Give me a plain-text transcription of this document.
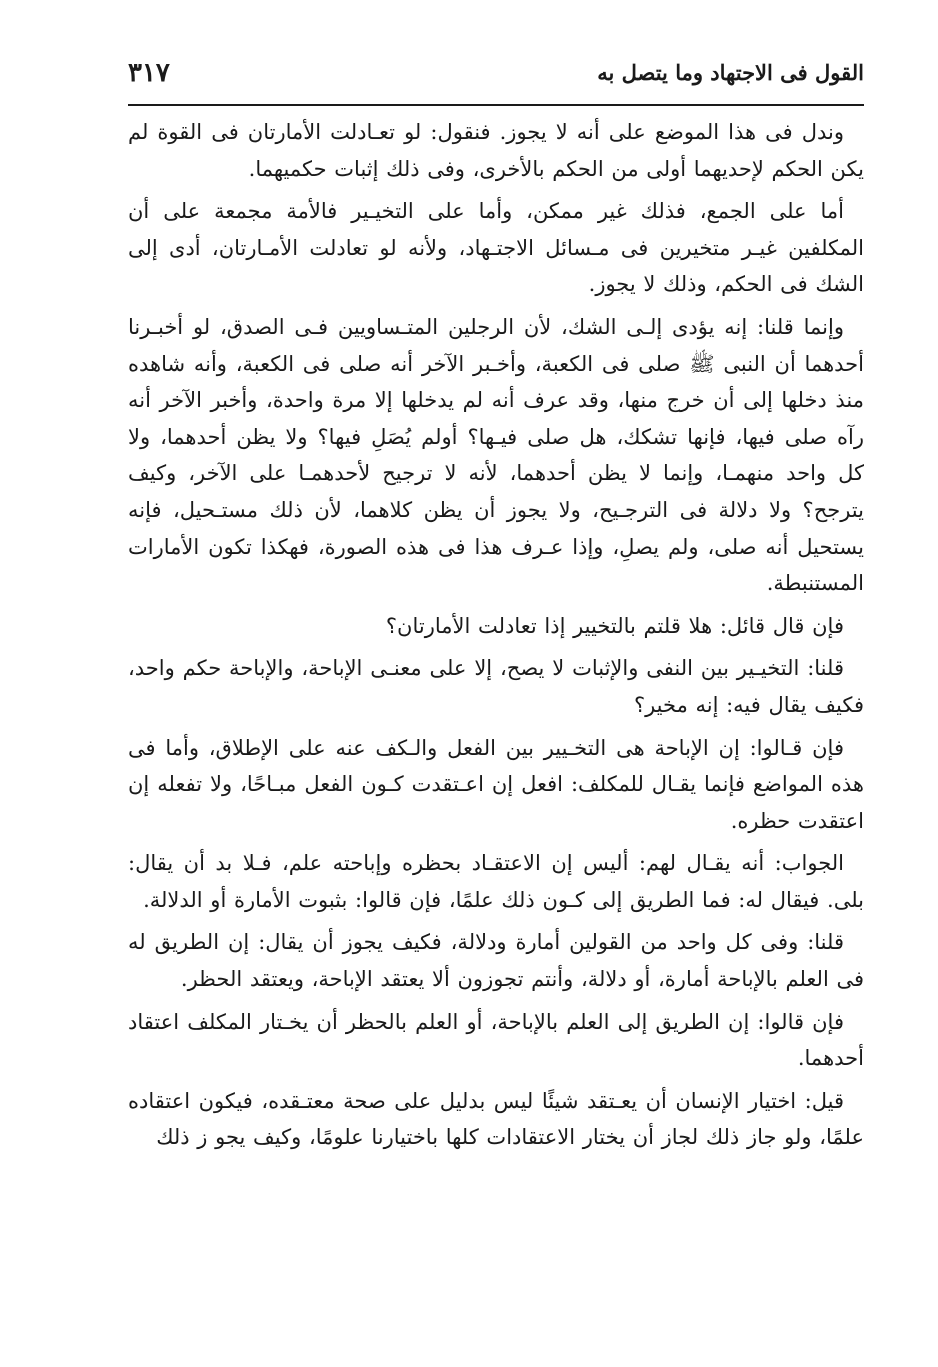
القول فى الاجتهاد وما يتصل به
٣١٧

وندل فى هذا الموضع على أنه لا يجوز. فنقول: لو تعـادلت الأمارتان فى القوة لم يكن الحكم لإحديهما أولى من الحكم بالأخرى، وفى ذلك إثبات حكميهما.

أما على الجمع، فذلك غير ممكن، وأما على التخيـير فالأمة مجمعة على أن المكلفين غيـر متخيرين فى مـسائل الاجتـهاد، ولأنه لو تعادلت الأمـارتان، أدى إلى الشك فى الحكم، وذلك لا يجوز.

وإنما قلنا: إنه يؤدى إلـى الشك، لأن الرجلين المتـساويين فـى الصدق، لو أخبـرنا أحدهما أن النبى ﷺ صلى فى الكعبة، وأخـبر الآخر أنه صلى فى الكعبة، وأنه شاهده منذ دخلها إلى أن خرج منها، وقد عرف أنه لم يدخلها إلا مرة واحدة، وأخبر الآخر أنه رآه صلى فيها، فإنها تشكك، هل صلى فيـها؟ أولم يُصَلِ فيها؟ ولا يظن أحدهما، ولا كل واحد منهمـا، وإنما لا يظن أحدهما، لأنه لا ترجيح لأحدهمـا على الآخر، وكيف يترجح؟ ولا دلالة فى الترجـيح، ولا يجوز أن يظن كلاهما، لأن ذلك مستـحيل، فإنه يستحيل أنه صلى، ولم يصلِ، وإذا عـرف هذا فى هذه الصورة، فهكذا تكون الأمارات المستنبطة.

فإن قال قائل: هلا قلتم بالتخيير إذا تعادلت الأمارتان؟

قلنا: التخيـير بين النفى والإثبات لا يصح، إلا على معنـى الإباحة، والإباحة حكم واحد، فكيف يقال فيه: إنه مخير؟

فإن قـالوا: إن الإباحة هى التخـيير بين الفعل والـكف عنه على الإطلاق، وأما فى هذه المواضع فإنما يقـال للمكلف: افعل إن اعـتقدت كـون الفعل مبـاحًا، ولا تفعله إن اعتقدت حظره.

الجواب: أنه يقـال لهم: أليس إن الاعتقـاد بحظره وإباحته علم، فـلا بد أن يقال: بلى. فيقال له: فما الطريق إلى كـون ذلك علمًا، فإن قالوا: بثبوت الأمارة أو الدلالة.

قلنا: وفى كل واحد من القولين أمارة ودلالة، فكيف يجوز أن يقال: إن الطريق له فى العلم بالإباحة أمارة، أو دلالة، وأنتم تجوزون ألا يعتقد الإباحة، ويعتقد الحظر.

فإن قالوا: إن الطريق إلى العلم بالإباحة، أو العلم بالحظر أن يخـتار المكلف اعتقاد أحدهما.

قيل: اختيار الإنسان أن يعـتقد شيئًا ليس بدليل على صحة معتـقده، فيكون اعتقاده علمًا، ولو جاز ذلك لجاز أن يختار الاعتقادات كلها باختيارنا علومًا، وكيف يجو ز ذلك
